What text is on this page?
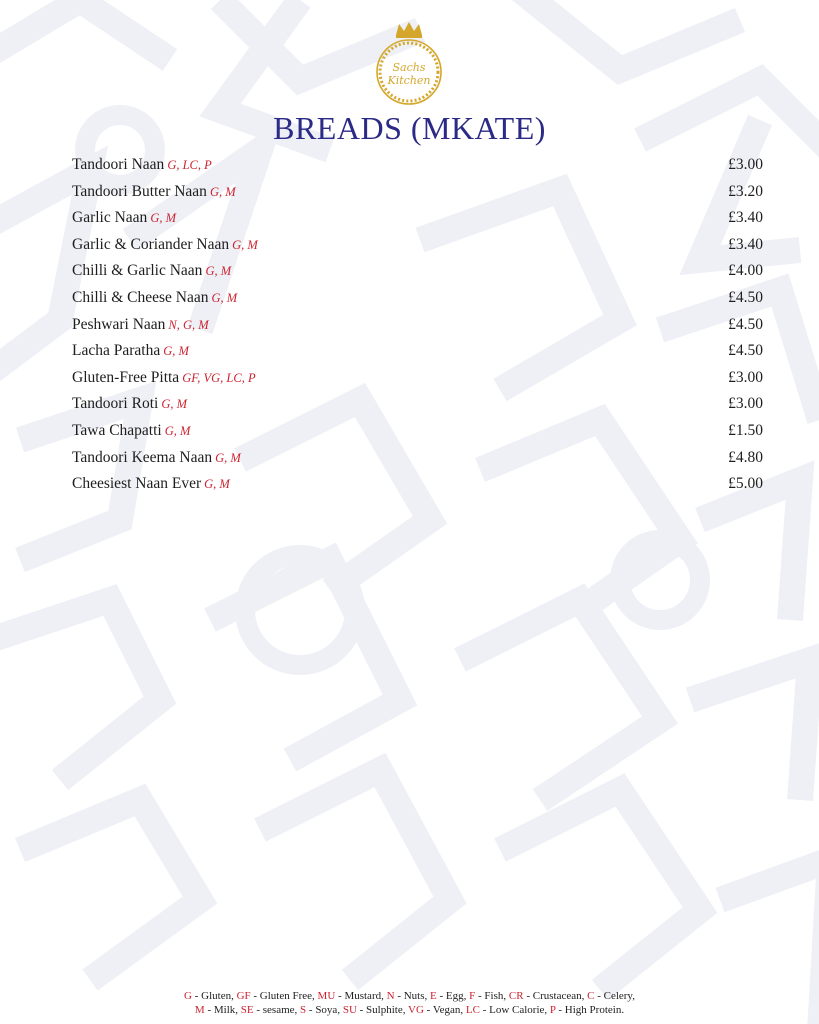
Sachs
Kitchen
BREADS (MKATE)
Tandoori Naan G, LC, P	£3.00
Tandoori Butter Naan G, M	£3.20
Garlic Naan G, M	£3.40
Garlic & Coriander Naan G, M	£3.40
Chilli & Garlic Naan G, M	£4.00
Chilli & Cheese Naan G, M	£4.50
Peshwari Naan N, G, M	£4.50
Lacha Paratha G, M	£4.50
Gluten-Free Pitta GF, VG, LC, P	£3.00
Tandoori Roti G, M	£3.00
Tawa Chapatti G, M	£1.50
Tandoori Keema Naan G, M	£4.80
Cheesiest Naan Ever G, M	£5.00
G - Gluten, GF - Gluten Free, MU - Mustard, N - Nuts, E - Egg, F - Fish, CR - Crustacean, C - Celery,
M - Milk, SE - sesame, S - Soya, SU - Sulphite, VG - Vegan, LC - Low Calorie, P - High Protein.
